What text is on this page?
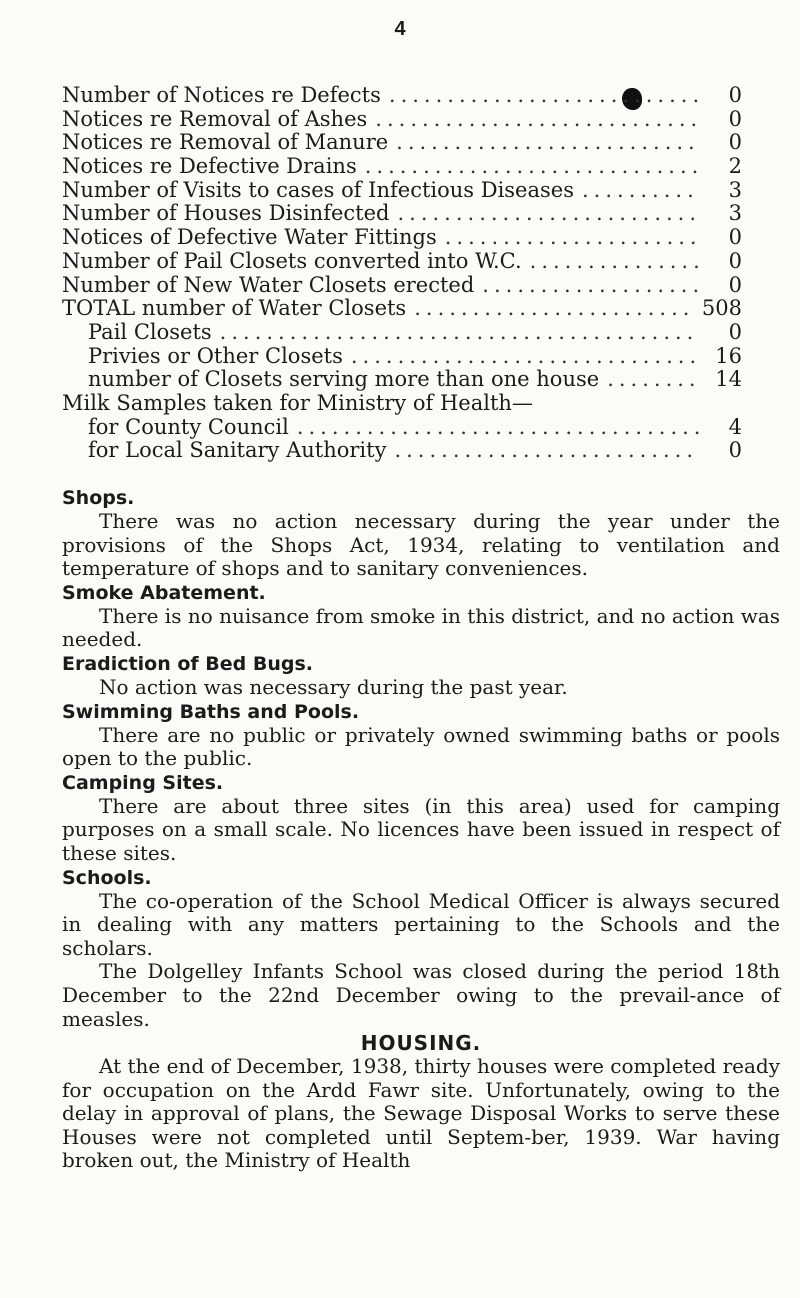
4
Number of Notices re Defects .....	0
Notices re Removal of Ashes .....	0
Notices re Removal of Manure .....	0
Notices re Defective Drains .....	2
Number of Visits to cases of Infectious Diseases .....	3
Number of Houses Disinfected .....	3
Notices of Defective Water Fittings .....	0
Number of Pail Closets converted into W.C. .....	0
Number of New Water Closets erected .....	0
TOTAL number of Water Closets .....	508
Pail Closets .....	0
Privies or Other Closets .....	16
number of Closets serving more than one house .....	14
Milk Samples taken for Ministry of Health—
for County Council .....	4
for Local Sanitary Authority .....	0
Shops.

There was no action necessary during the year under the provisions of the Shops Act, 1934, relating to ventilation and temperature of shops and to sanitary conveniences.

Smoke Abatement.

There is no nuisance from smoke in this district, and no action was needed.

Eradiction of Bed Bugs.

No action was necessary during the past year.

Swimming Baths and Pools.

There are no public or privately owned swimming baths or pools open to the public.

Camping Sites.

There are about three sites (in this area) used for camping purposes on a small scale. No licences have been issued in respect of these sites.

Schools.

The co-operation of the School Medical Officer is always secured in dealing with any matters pertaining to the Schools and the scholars.

The Dolgelley Infants School was closed during the period 18th December to the 22nd December owing to the prevail-ance of measles.

HOUSING.

At the end of December, 1938, thirty houses were completed ready for occupation on the Ardd Fawr site. Unfortunately, owing to the delay in approval of plans, the Sewage Disposal Works to serve these Houses were not completed until Septem-ber, 1939. War having broken out, the Ministry of Health
